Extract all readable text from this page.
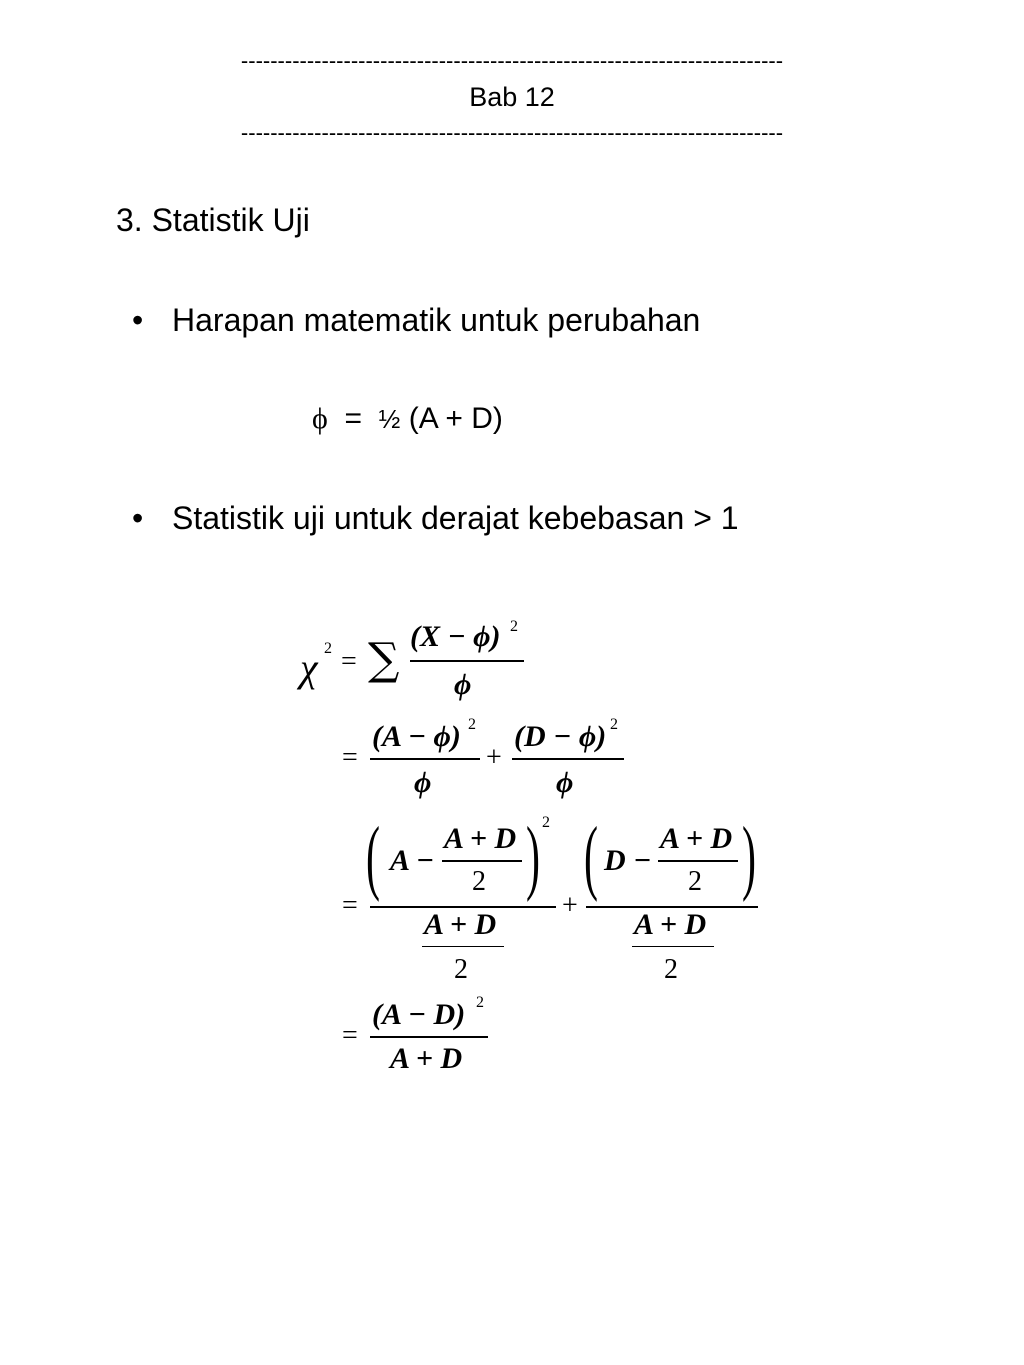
--------------------------------------------------------------------------
Bab 12
--------------------------------------------------------------------------
3. Statistik Uji
• Harapan matematik untuk perubahan
ϕ = ½ (A + D)
• Statistik uji untuk derajat kebebasan > 1
χ 2 = ∑ (X − ϕ) 2
ϕ
=
(A − ϕ) 2
ϕ
+
(D − ϕ) 2
ϕ
=
( A −
A + D
2 ) 2
A + D
2
+
( D −
A + D
2 )
A + D
2
=
(A − D) 2
A + D
